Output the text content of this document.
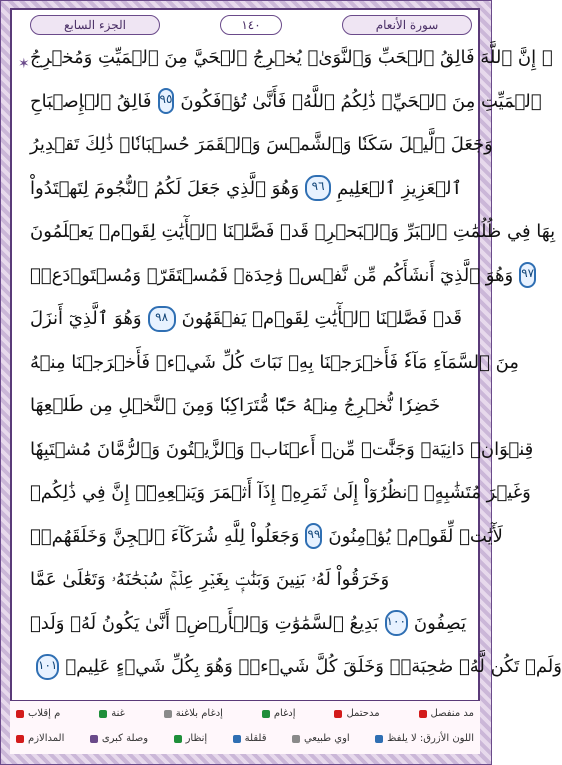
الجزء السابع	١٤٠	سورة الأنعام
✶ ۞ إِنَّ ٱللَّهَ فَالِقُ ٱلۡحَبِّ وَٱلنَّوَىٰۖ يُخۡرِجُ ٱلۡحَيَّ مِنَ ٱلۡمَيِّتِ وَمُخۡرِجُ
ٱلۡمَيِّتِ مِنَ ٱلۡحَيِّۚ ذَٰلِكُمُ ٱللَّهُۖ فَأَنَّىٰ تُؤۡفَكُونَ
٩٥
فَالِقُ ٱلۡإِصۡبَاحِ
وَجَعَلَ ٱلَّيۡلَ سَكَنٗا وَٱلشَّمۡسَ وَٱلۡقَمَرَ حُسۡبَانٗاۚ ذَٰلِكَ تَقۡدِيرُ
ٱلۡعَزِيزِ ٱلۡعَلِيمِ
٩٦
وَهُوَ ٱلَّذِي جَعَلَ لَكُمُ ٱلنُّجُومَ لِتَهۡتَدُواْ
بِهَا فِي ظُلُمَٰتِ ٱلۡبَرِّ وَٱلۡبَحۡرِۗ قَدۡ فَصَّلۡنَا ٱلۡأٓيَٰتِ لِقَوۡمٖ يَعۡلَمُونَ
٩٧
وَهُوَ ٱلَّذِيٓ أَنشَأَكُم مِّن نَّفۡسٖ وَٰحِدَةٖ فَمُسۡتَقَرّٞ وَمُسۡتَوۡدَعٞۗ
قَدۡ فَصَّلۡنَا ٱلۡأٓيَٰتِ لِقَوۡمٖ يَفۡقَهُونَ
٩٨
وَهُوَ ٱلَّذِيٓ أَنزَلَ
مِنَ ٱلسَّمَآءِ مَآءٗ فَأَخۡرَجۡنَا بِهِۦ نَبَاتَ كُلِّ شَيۡءٖ فَأَخۡرَجۡنَا مِنۡهُ
خَضِرٗا نُّخۡرِجُ مِنۡهُ حَبّٗا مُّتَرَاكِبٗا وَمِنَ ٱلنَّخۡلِ مِن طَلۡعِهَا
قِنۡوَانٞ دَانِيَةٞ وَجَنَّٰتٖ مِّنۡ أَعۡنَابٖ وَٱلزَّيۡتُونَ وَٱلرُّمَّانَ مُشۡتَبِهٗا
وَغَيۡرَ مُتَشَٰبِهٍۗ ٱنظُرُوٓاْ إِلَىٰ ثَمَرِهِۦٓ إِذَآ أَثۡمَرَ وَيَنۡعِهِۦٓۚ إِنَّ فِي ذَٰلِكُمۡ
لَأٓيَٰتٖ لِّقَوۡمٖ يُؤۡمِنُونَ
٩٩
وَجَعَلُواْ لِلَّهِ شُرَكَآءَ ٱلۡجِنَّ وَخَلَقَهُمۡۖ
وَخَرَقُواْ لَهُۥ بَنِينَ وَبَنَٰتِۭ بِغَيۡرِ عِلۡمٖۚ سُبۡحَٰنَهُۥ وَتَعَٰلَىٰ عَمَّا
يَصِفُونَ
١٠٠
بَدِيعُ ٱلسَّمَٰوَٰتِ وَٱلۡأَرۡضِۖ أَنَّىٰ يَكُونُ لَهُۥ وَلَدٞ
وَلَمۡ تَكُن لَّهُۥ صَٰحِبَةٞۖ وَخَلَقَ كُلَّ شَيۡءٖۖ وَهُوَ بِكُلِّ شَيۡءٍ عَلِيمٞ
١٠١
م إقلاب	غنة	إدغام بلاغنة	إدغام	مدحتمل	مد منفصل
المدالازم	وصلة كبرى	إنظار	قلقلة	اوي طبيعي	اللون الأزرق: لا يلفظ
